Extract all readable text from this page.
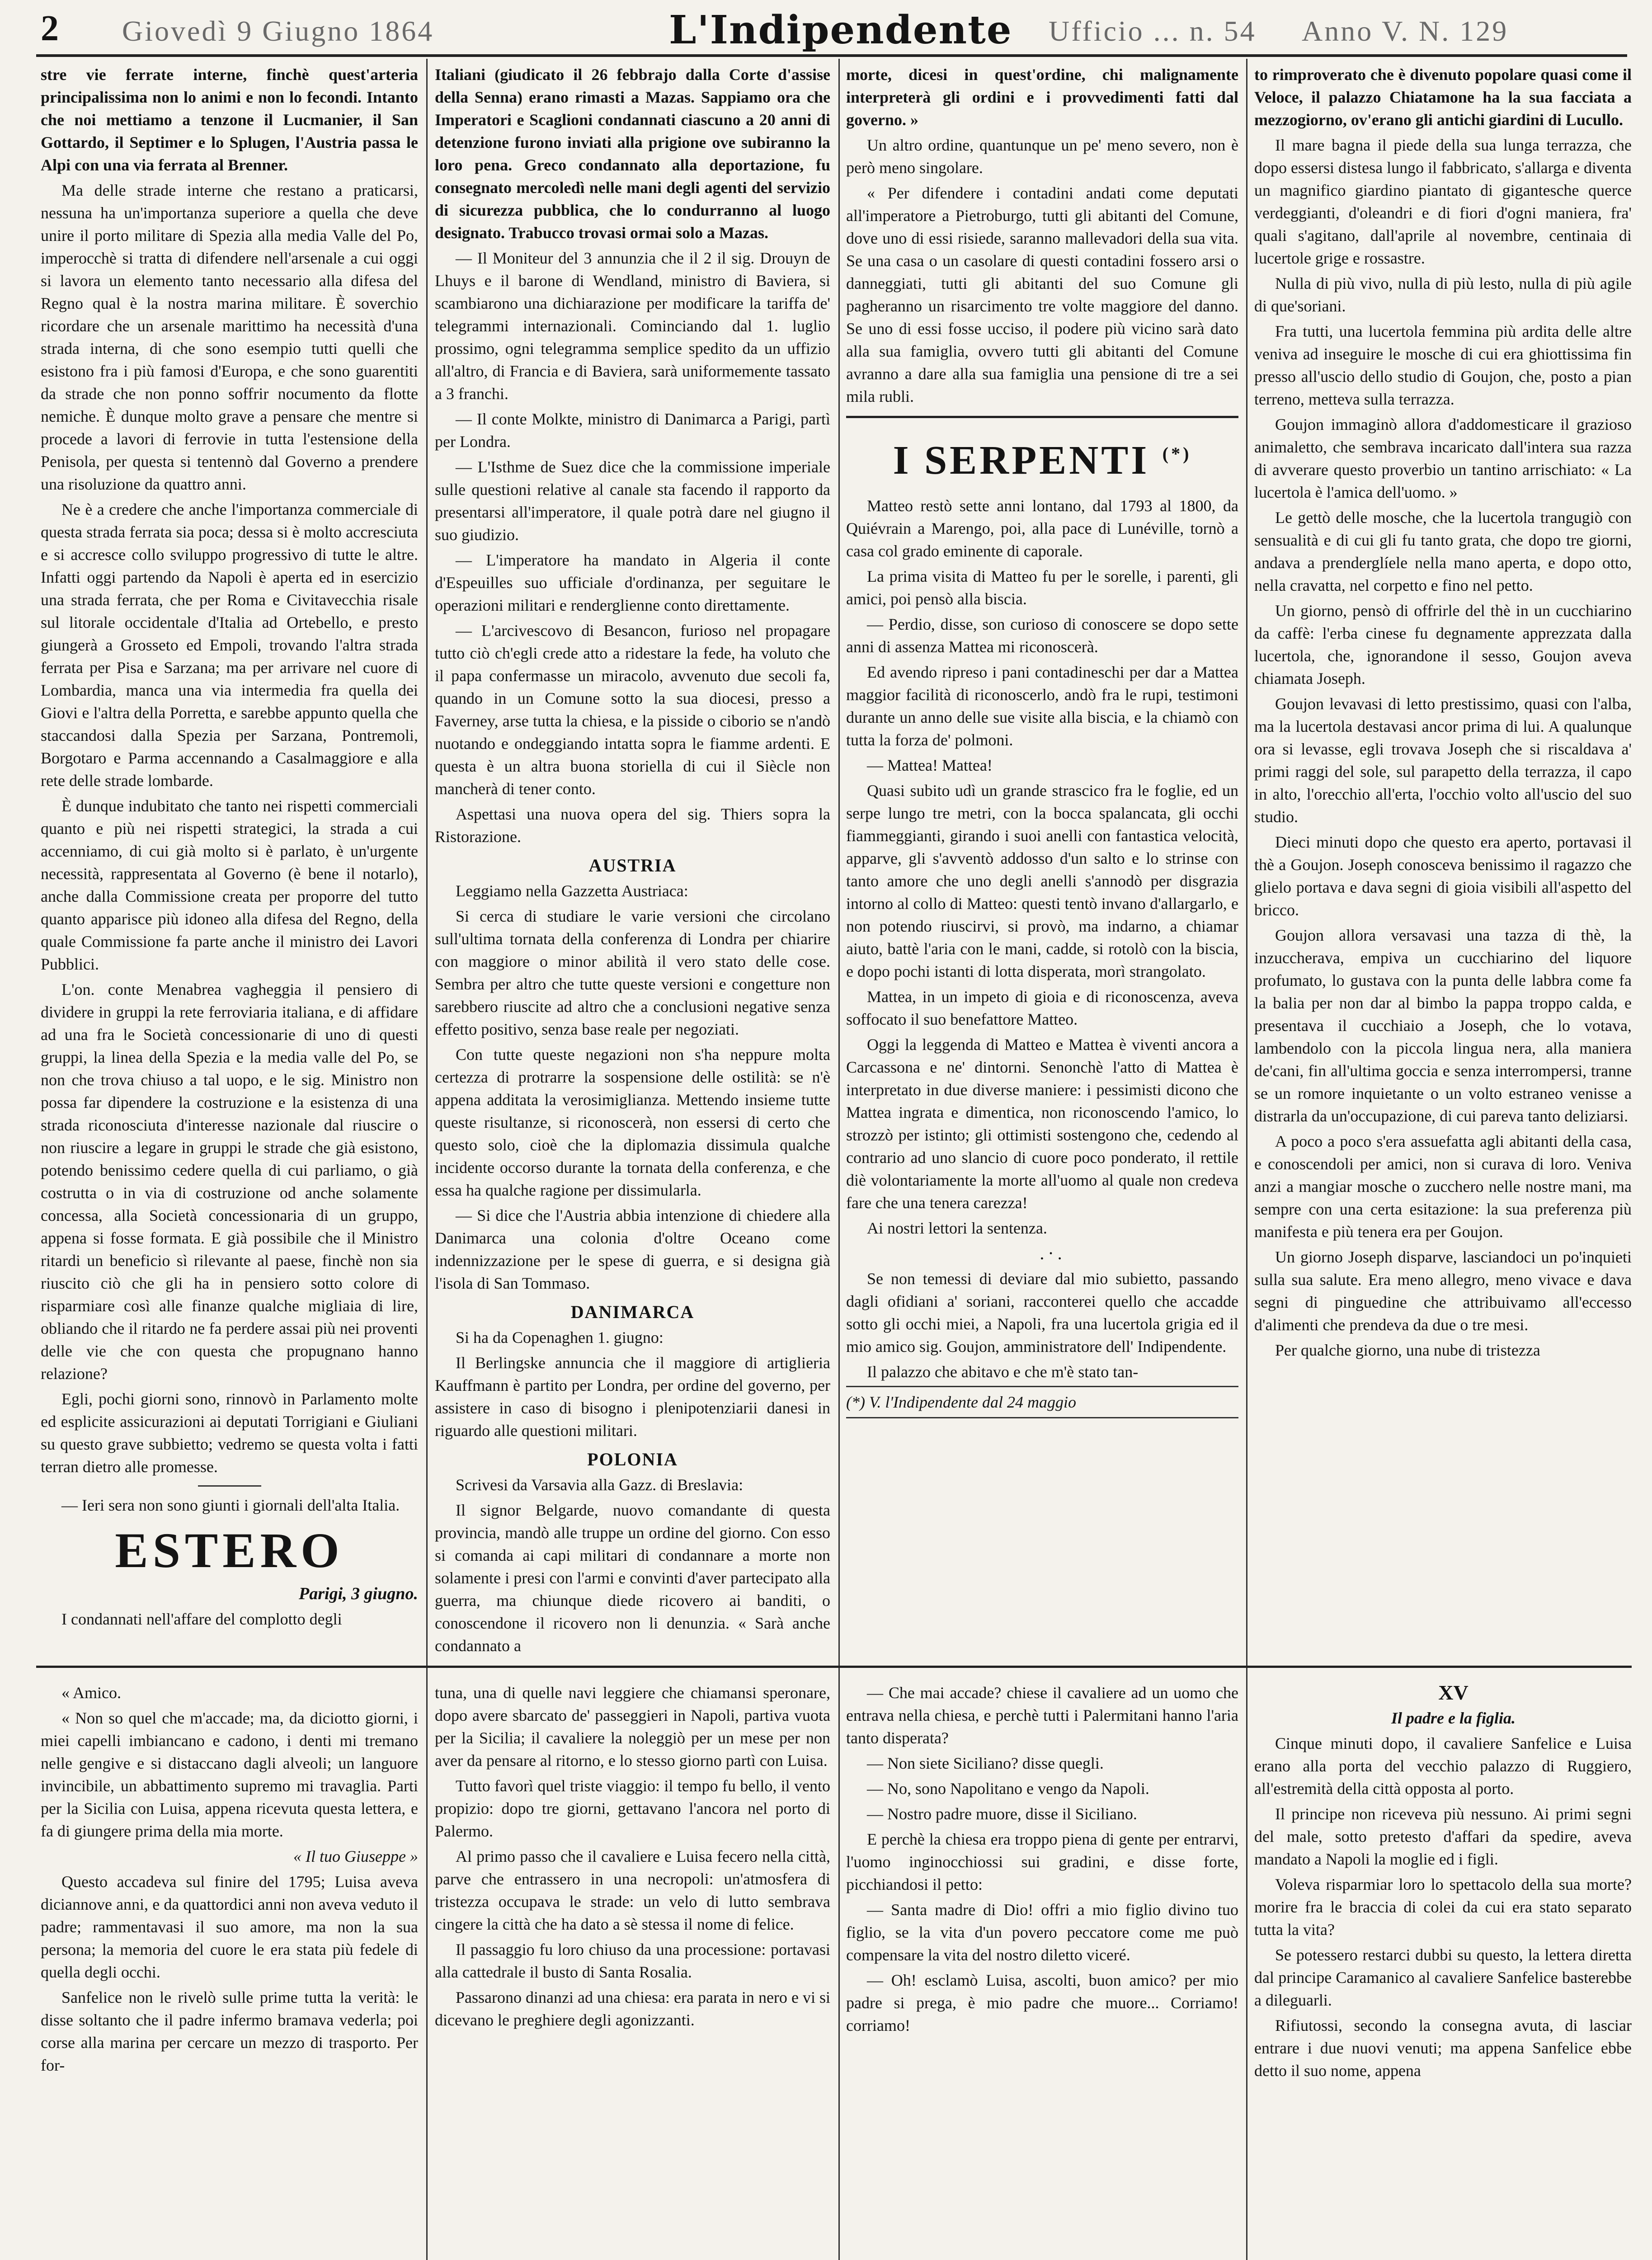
2 Giovedì 9 Giugno 1864	L'Indipendente Ufficio ... n. 54 Anno V. N. 129

stre vie ferrate interne, finchè quest'arteria principalissima non lo animi e non lo fecondi. Intanto che noi mettiamo a tenzone il Lucmanier, il San Gottardo, il Septimer e lo Splugen, l'Austria passa le Alpi con una via ferrata al Brenner.

Ma delle strade interne che restano a praticarsi, nessuna ha un'importanza superiore a quella che deve unire il porto militare di Spezia alla media Valle del Po, imperocchè si tratta di difendere nell'arsenale a cui oggi si lavora un elemento tanto necessario alla difesa del Regno qual è la nostra marina militare. È soverchio ricordare che un arsenale marittimo ha necessità d'una strada interna, di che sono esempio tutti quelli che esistono fra i più famosi d'Europa, e che sono guarentiti da strade che non ponno soffrir nocumento da flotte nemiche. È dunque molto grave a pensare che mentre si procede a lavori di ferrovie in tutta l'estensione della Penisola, per questa si tentennò dal Governo a prendere una risoluzione da quattro anni.

Ne è a credere che anche l'importanza commerciale di questa strada ferrata sia poca; dessa si è molto accresciuta e si accresce collo sviluppo progressivo di tutte le altre. Infatti oggi partendo da Napoli è aperta ed in esercizio una strada ferrata, che per Roma e Civitavecchia risale sul litorale occidentale d'Italia ad Ortebello, e presto giungerà a Grosseto ed Empoli, trovando l'altra strada ferrata per Pisa e Sarzana; ma per arrivare nel cuore di Lombardia, manca una via intermedia fra quella dei Giovi e l'altra della Porretta, e sarebbe appunto quella che staccandosi dalla Spezia per Sarzana, Pontremoli, Borgotaro e Parma accennando a Casalmaggiore e alla rete delle strade lombarde.

È dunque indubitato che tanto nei rispetti commerciali quanto e più nei rispetti strategici, la strada a cui accenniamo, di cui già molto si è parlato, è un'urgente necessità, rappresentata al Governo (è bene il notarlo), anche dalla Commissione creata per proporre del tutto quanto apparisce più idoneo alla difesa del Regno, della quale Commissione fa parte anche il ministro dei Lavori Pubblici.

L'on. conte Menabrea vagheggia il pensiero di dividere in gruppi la rete ferroviaria italiana, e di affidare ad una fra le Società concessionarie di uno di questi gruppi, la linea della Spezia e la media valle del Po, se non che trova chiuso a tal uopo, e le sig. Ministro non possa far dipendere la costruzione e la esistenza di una strada riconosciuta d'interesse nazionale dal riuscire o non riuscire a legare in gruppi le strade che già esistono, potendo benissimo cedere quella di cui parliamo, o già costrutta o in via di costruzione od anche solamente concessa, alla Società concessionaria di un gruppo, appena si fosse formata. E già possibile che il Ministro ritardi un beneficio sì rilevante al paese, finchè non sia riuscito ciò che gli ha in pensiero sotto colore di risparmiare così alle finanze qualche migliaia di lire, obliando che il ritardo ne fa perdere assai più nei proventi delle vie che con questa che propugnano hanno relazione?

Egli, pochi giorni sono, rinnovò in Parlamento molte ed esplicite assicurazioni ai deputati Torrigiani e Giuliani su questo grave subbietto; vedremo se questa volta i fatti terran dietro alle promesse.

— Ieri sera non sono giunti i giornali dell'alta Italia.

ESTERO

Parigi, 3 giugno.

I condannati nell'affare del complotto degli

Italiani (giudicato il 26 febbrajo dalla Corte d'assise della Senna) erano rimasti a Mazas. Sappiamo ora che Imperatori e Scaglioni condannati ciascuno a 20 anni di detenzione furono inviati alla prigione ove subiranno la loro pena. Greco condannato alla deportazione, fu consegnato mercoledì nelle mani degli agenti del servizio di sicurezza pubblica, che lo condurranno al luogo designato. Trabucco trovasi ormai solo a Mazas.

— Il Moniteur del 3 annunzia che il 2 il sig. Drouyn de Lhuys e il barone di Wendland, ministro di Baviera, si scambiarono una dichiarazione per modificare la tariffa de' telegrammi internazionali. Cominciando dal 1. luglio prossimo, ogni telegramma semplice spedito da un uffizio all'altro, di Francia e di Baviera, sarà uniformemente tassato a 3 franchi.

— Il conte Molkte, ministro di Danimarca a Parigi, partì per Londra.

— L'Isthme de Suez dice che la commissione imperiale sulle questioni relative al canale sta facendo il rapporto da presentarsi all'imperatore, il quale potrà dare nel giugno il suo giudizio.

— L'imperatore ha mandato in Algeria il conte d'Espeuilles suo ufficiale d'ordinanza, per seguitare le operazioni militari e renderglienne conto direttamente.

— L'arcivescovo di Besancon, furioso nel propagare tutto ciò ch'egli crede atto a ridestare la fede, ha voluto che il papa confermasse un miracolo, avvenuto due secoli fa, quando in un Comune sotto la sua diocesi, presso a Faverney, arse tutta la chiesa, e la pisside o ciborio se n'andò nuotando e ondeggiando intatta sopra le fiamme ardenti. E questa è un altra buona storiella di cui il Siècle non mancherà di tener conto.

Aspettasi una nuova opera del sig. Thiers sopra la Ristorazione.

AUSTRIA

Leggiamo nella Gazzetta Austriaca:

Si cerca di studiare le varie versioni che circolano sull'ultima tornata della conferenza di Londra per chiarire con maggiore o minor abilità il vero stato delle cose. Sembra per altro che tutte queste versioni e congetture non sarebbero riuscite ad altro che a conclusioni negative senza effetto positivo, senza base reale per negoziati.

Con tutte queste negazioni non s'ha neppure molta certezza di protrarre la sospensione delle ostilità: se n'è appena additata la verosimiglianza. Mettendo insieme tutte queste risultanze, si riconoscerà, non essersi di certo che questo solo, cioè che la diplomazia dissimula qualche incidente occorso durante la tornata della conferenza, e che essa ha qualche ragione per dissimularla.

— Si dice che l'Austria abbia intenzione di chiedere alla Danimarca una colonia d'oltre Oceano come indennizzazione per le spese di guerra, e si designa già l'isola di San Tommaso.

DANIMARCA

Si ha da Copenaghen 1. giugno:

Il Berlingske annuncia che il maggiore di artiglieria Kauffmann è partito per Londra, per ordine del governo, per assistere in caso di bisogno i plenipotenziarii danesi in riguardo alle questioni militari.

POLONIA

Scrivesi da Varsavia alla Gazz. di Breslavia:

Il signor Belgarde, nuovo comandante di questa provincia, mandò alle truppe un ordine del giorno. Con esso si comanda ai capi militari di condannare a morte non solamente i presi con l'armi e convinti d'aver partecipato alla guerra, ma chiunque diede ricovero ai banditi, o conoscendone il ricovero non li denunzia. « Sarà anche condannato a

morte, dicesi in quest'ordine, chi malignamente interpreterà gli ordini e i provvedimenti fatti dal governo. »

Un altro ordine, quantunque un pe' meno severo, non è però meno singolare.

« Per difendere i contadini andati come deputati all'imperatore a Pietroburgo, tutti gli abitanti del Comune, dove uno di essi risiede, saranno mallevadori della sua vita. Se una casa o un casolare di questi contadini fossero arsi o danneggiati, tutti gli abitanti del suo Comune gli pagheranno un risarcimento tre volte maggiore del danno. Se uno di essi fosse ucciso, il podere più vicino sarà dato alla sua famiglia, ovvero tutti gli abitanti del Comune avranno a dare alla sua famiglia una pensione di tre a sei mila rubli.

I SERPENTI (*)

Matteo restò sette anni lontano, dal 1793 al 1800, da Quiévrain a Marengo, poi, alla pace di Lunéville, tornò a casa col grado eminente di caporale.

La prima visita di Matteo fu per le sorelle, i parenti, gli amici, poi pensò alla biscia.

— Perdio, disse, son curioso di conoscere se dopo sette anni di assenza Mattea mi riconoscerà.

Ed avendo ripreso i pani contadineschi per dar a Mattea maggior facilità di riconoscerlo, andò fra le rupi, testimoni durante un anno delle sue visite alla biscia, e la chiamò con tutta la forza de' polmoni.

— Mattea! Mattea!

Quasi subito udì un grande strascico fra le foglie, ed un serpe lungo tre metri, con la bocca spalancata, gli occhi fiammeggianti, girando i suoi anelli con fantastica velocità, apparve, gli s'avventò addosso d'un salto e lo strinse con tanto amore che uno degli anelli s'annodò per disgrazia intorno al collo di Matteo: questi tentò invano d'allargarlo, e non potendo riuscirvi, si provò, ma indarno, a chiamar aiuto, battè l'aria con le mani, cadde, si rotolò con la biscia, e dopo pochi istanti di lotta disperata, morì strangolato.

Mattea, in un impeto di gioia e di riconoscenza, aveva soffocato il suo benefattore Matteo.

Oggi la leggenda di Matteo e Mattea è viventi ancora a Carcassona e ne' dintorni. Senonchè l'atto di Mattea è interpretato in due diverse maniere: i pessimisti dicono che Mattea ingrata e dimentica, non riconoscendo l'amico, lo strozzò per istinto; gli ottimisti sostengono che, cedendo al contrario ad uno slancio di cuore poco ponderato, il rettile diè volontariamente la morte all'uomo al quale non credeva fare che una tenera carezza!

Ai nostri lettori la sentenza.

.·.

Se non temessi di deviare dal mio subietto, passando dagli ofidiani a' soriani, racconterei quello che accadde sotto gli occhi miei, a Napoli, fra una lucertola grigia ed il mio amico sig. Goujon, amministratore dell' Indipendente.

Il palazzo che abitavo e che m'è stato tan-

(*) V. l'Indipendente dal 24 maggio

to rimproverato che è divenuto popolare quasi come il Veloce, il palazzo Chiatamone ha la sua facciata a mezzogiorno, ov'erano gli antichi giardini di Lucullo.

Il mare bagna il piede della sua lunga terrazza, che dopo essersi distesa lungo il fabbricato, s'allarga e diventa un magnifico giardino piantato di gigantesche querce verdeggianti, d'oleandri e di fiori d'ogni maniera, fra' quali s'agitano, dall'aprile al novembre, centinaia di lucertole grige e rossastre.

Nulla di più vivo, nulla di più lesto, nulla di più agile di que'soriani.

Fra tutti, una lucertola femmina più ardita delle altre veniva ad inseguire le mosche di cui era ghiottissima fin presso all'uscio dello studio di Goujon, che, posto a pian terreno, metteva sulla terrazza.

Goujon immaginò allora d'addomesticare il grazioso animaletto, che sembrava incaricato dall'intera sua razza di avverare questo proverbio un tantino arrischiato: « La lucertola è l'amica dell'uomo. »

Le gettò delle mosche, che la lucertola trangugiò con sensualità e di cui gli fu tanto grata, che dopo tre giorni, andava a prenderglíele nella mano aperta, e dopo otto, nella cravatta, nel corpetto e fino nel petto.

Un giorno, pensò di offrirle del thè in un cucchiarino da caffè: l'erba cinese fu degnamente apprezzata dalla lucertola, che, ignorandone il sesso, Goujon aveva chiamata Joseph.

Goujon levavasi di letto prestissimo, quasi con l'alba, ma la lucertola destavasi ancor prima di lui. A qualunque ora si levasse, egli trovava Joseph che si riscaldava a' primi raggi del sole, sul parapetto della terrazza, il capo in alto, l'orecchio all'erta, l'occhio volto all'uscio del suo studio.

Dieci minuti dopo che questo era aperto, portavasi il thè a Goujon. Joseph conosceva benissimo il ragazzo che glielo portava e dava segni di gioia visibili all'aspetto del bricco.

Goujon allora versavasi una tazza di thè, la inzuccherava, empiva un cucchiarino del liquore profumato, lo gustava con la punta delle labbra come fa la balia per non dar al bimbo la pappa troppo calda, e presentava il cucchiaio a Joseph, che lo votava, lambendolo con la piccola lingua nera, alla maniera de'cani, fin all'ultima goccia e senza interrompersi, tranne se un romore inquietante o un volto estraneo venisse a distrarla da un'occupazione, di cui pareva tanto deliziarsi.

A poco a poco s'era assuefatta agli abitanti della casa, e conoscendoli per amici, non si curava di loro. Veniva anzi a mangiar mosche o zucchero nelle nostre mani, ma sempre con una certa esitazione: la sua preferenza più manifesta e più tenera era per Goujon.

Un giorno Joseph disparve, lasciandoci un po'inquieti sulla sua salute. Era meno allegro, meno vivace e dava segni di pinguedine che attribuivamo all'eccesso d'alimenti che prendeva da due o tre mesi.

Per qualche giorno, una nube di tristezza

« Amico.

« Non so quel che m'accade; ma, da diciotto giorni, i miei capelli imbiancano e cadono, i denti mi tremano nelle gengive e si distaccano dagli alveoli; un languore invincibile, un abbattimento supremo mi travaglia. Parti per la Sicilia con Luisa, appena ricevuta questa lettera, e fa di giungere prima della mia morte.

« Il tuo Giuseppe »

Questo accadeva sul finire del 1795; Luisa aveva diciannove anni, e da quattordici anni non aveva veduto il padre; rammentavasi il suo amore, ma non la sua persona; la memoria del cuore le era stata più fedele di quella degli occhi.

Sanfelice non le rivelò sulle prime tutta la verità: le disse soltanto che il padre infermo bramava vederla; poi corse alla marina per cercare un mezzo di trasporto. Per for-

tuna, una di quelle navi leggiere che chiamansi speronare, dopo avere sbarcato de' passeggieri in Napoli, partiva vuota per la Sicilia; il cavaliere la noleggiò per un mese per non aver da pensare al ritorno, e lo stesso giorno partì con Luisa.

Tutto favorì quel triste viaggio: il tempo fu bello, il vento propizio: dopo tre giorni, gettavano l'ancora nel porto di Palermo.

Al primo passo che il cavaliere e Luisa fecero nella città, parve che entrassero in una necropoli: un'atmosfera di tristezza occupava le strade: un velo di lutto sembrava cingere la città che ha dato a sè stessa il nome di felice.

Il passaggio fu loro chiuso da una processione: portavasi alla cattedrale il busto di Santa Rosalia.

Passarono dinanzi ad una chiesa: era parata in nero e vi si dicevano le preghiere degli agonizzanti.

— Che mai accade? chiese il cavaliere ad un uomo che entrava nella chiesa, e perchè tutti i Palermitani hanno l'aria tanto disperata?

— Non siete Siciliano? disse quegli.

— No, sono Napolitano e vengo da Napoli.

— Nostro padre muore, disse il Siciliano.

E perchè la chiesa era troppo piena di gente per entrarvi, l'uomo inginocchiossi sui gradini, e disse forte, picchiandosi il petto:

— Santa madre di Dio! offri a mio figlio divino tuo figlio, se la vita d'un povero peccatore come me può compensare la vita del nostro diletto viceré.

— Oh! esclamò Luisa, ascolti, buon amico? per mio padre si prega, è mio padre che muore... Corriamo! corriamo!

XV

Il padre e la figlia.

Cinque minuti dopo, il cavaliere Sanfelice e Luisa erano alla porta del vecchio palazzo di Ruggiero, all'estremità della città opposta al porto.

Il principe non riceveva più nessuno. Ai primi segni del male, sotto pretesto d'affari da spedire, aveva mandato a Napoli la moglie ed i figli.

Voleva risparmiar loro lo spettacolo della sua morte? morire fra le braccia di colei da cui era stato separato tutta la vita?

Se potessero restarci dubbi su questo, la lettera diretta dal principe Caramanico al cavaliere Sanfelice basterebbe a dileguarli.

Rifiutossi, secondo la consegna avuta, di lasciar entrare i due nuovi venuti; ma appena Sanfelice ebbe detto il suo nome, appena
